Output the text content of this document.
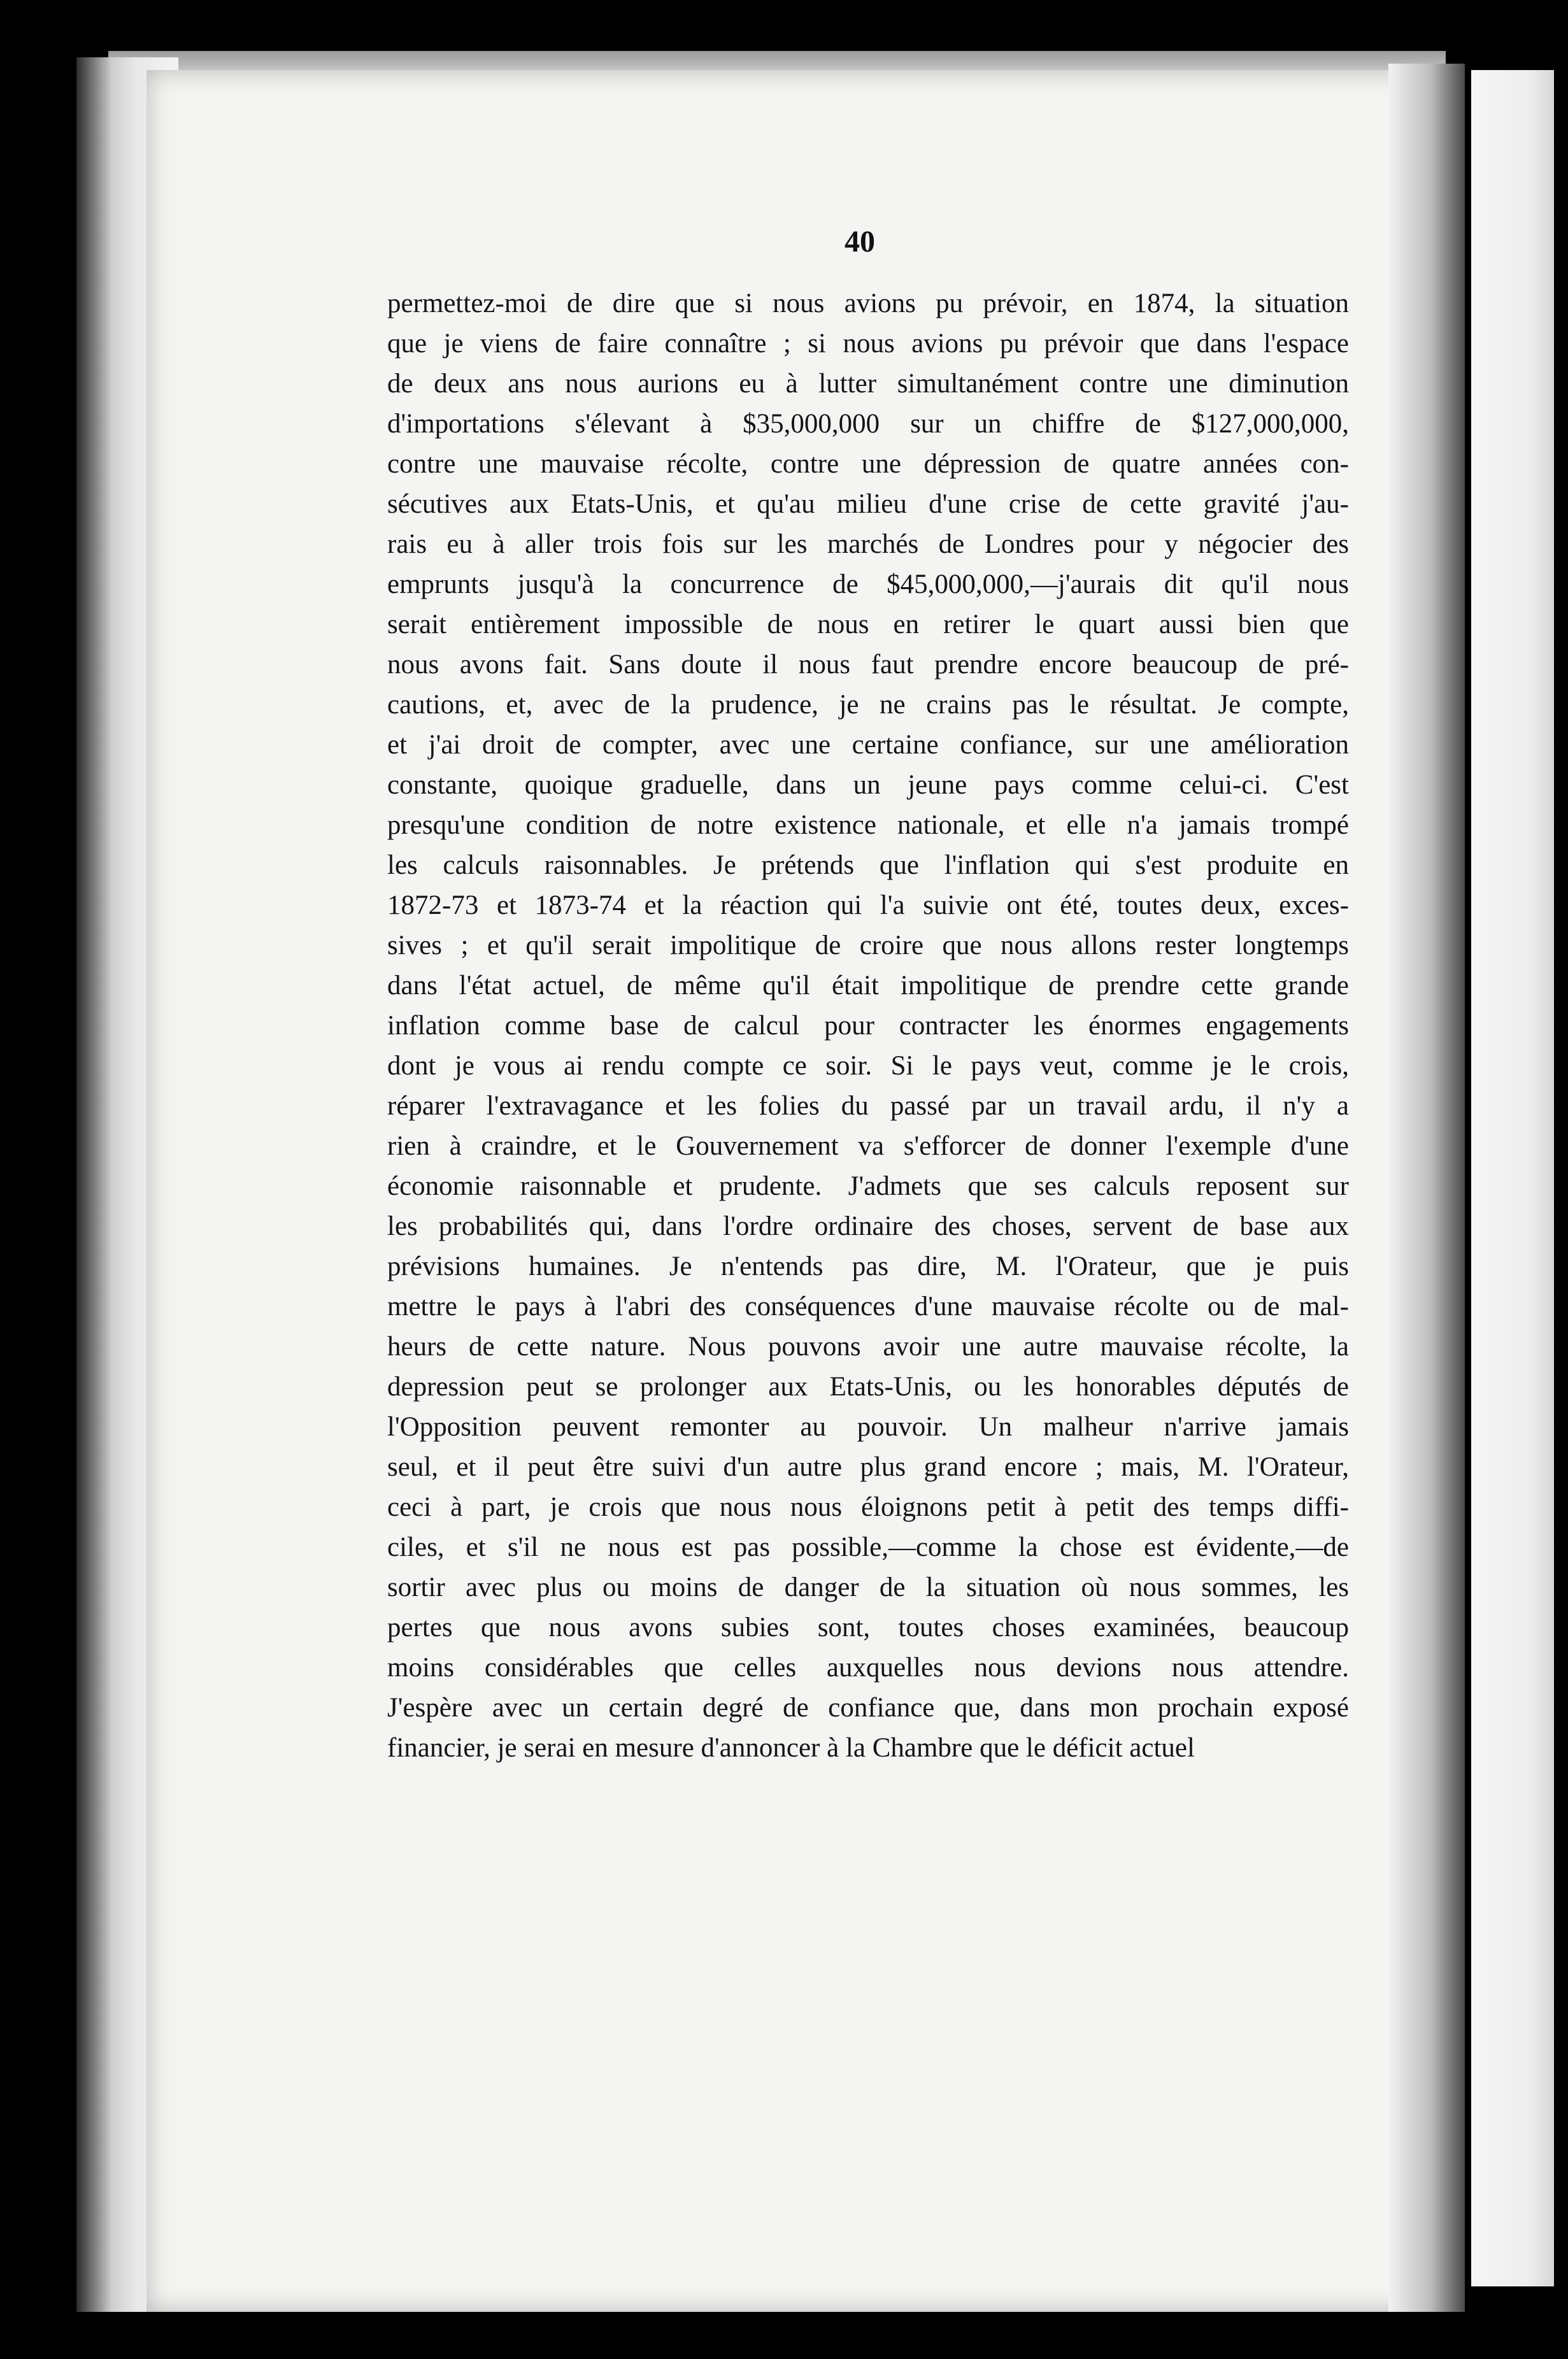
40
permettez-moi de dire que si nous avions pu prévoir, en 1874, la situation
que je viens de faire connaître ; si nous avions pu prévoir que dans l'espace
de deux ans nous aurions eu à lutter simultanément contre une diminution
d'importations s'élevant à $35,000,000 sur un chiffre de $127,000,000,
contre une mauvaise récolte, contre une dépression de quatre années con-
sécutives aux Etats-Unis, et qu'au milieu d'une crise de cette gravité j'au-
rais eu à aller trois fois sur les marchés de Londres pour y négocier des
emprunts jusqu'à la concurrence de $45,000,000,—j'aurais dit qu'il nous
serait entièrement impossible de nous en retirer le quart aussi bien que
nous avons fait. Sans doute il nous faut prendre encore beaucoup de pré-
cautions, et, avec de la prudence, je ne crains pas le résultat. Je compte,
et j'ai droit de compter, avec une certaine confiance, sur une amélioration
constante, quoique graduelle, dans un jeune pays comme celui-ci. C'est
presqu'une condition de notre existence nationale, et elle n'a jamais trompé
les calculs raisonnables. Je prétends que l'inflation qui s'est produite en
1872-73 et 1873-74 et la réaction qui l'a suivie ont été, toutes deux, exces-
sives ; et qu'il serait impolitique de croire que nous allons rester longtemps
dans l'état actuel, de même qu'il était impolitique de prendre cette grande
inflation comme base de calcul pour contracter les énormes engagements
dont je vous ai rendu compte ce soir. Si le pays veut, comme je le crois,
réparer l'extravagance et les folies du passé par un travail ardu, il n'y a
rien à craindre, et le Gouvernement va s'efforcer de donner l'exemple d'une
économie raisonnable et prudente. J'admets que ses calculs reposent sur
les probabilités qui, dans l'ordre ordinaire des choses, servent de base aux
prévisions humaines. Je n'entends pas dire, M. l'Orateur, que je puis
mettre le pays à l'abri des conséquences d'une mauvaise récolte ou de mal-
heurs de cette nature. Nous pouvons avoir une autre mauvaise récolte, la
depression peut se prolonger aux Etats-Unis, ou les honorables députés de
l'Opposition peuvent remonter au pouvoir. Un malheur n'arrive jamais
seul, et il peut être suivi d'un autre plus grand encore ; mais, M. l'Orateur,
ceci à part, je crois que nous nous éloignons petit à petit des temps diffi-
ciles, et s'il ne nous est pas possible,—comme la chose est évidente,—de
sortir avec plus ou moins de danger de la situation où nous sommes, les
pertes que nous avons subies sont, toutes choses examinées, beaucoup
moins considérables que celles auxquelles nous devions nous attendre.
J'espère avec un certain degré de confiance que, dans mon prochain exposé
financier, je serai en mesure d'annoncer à la Chambre que le déficit actuel
